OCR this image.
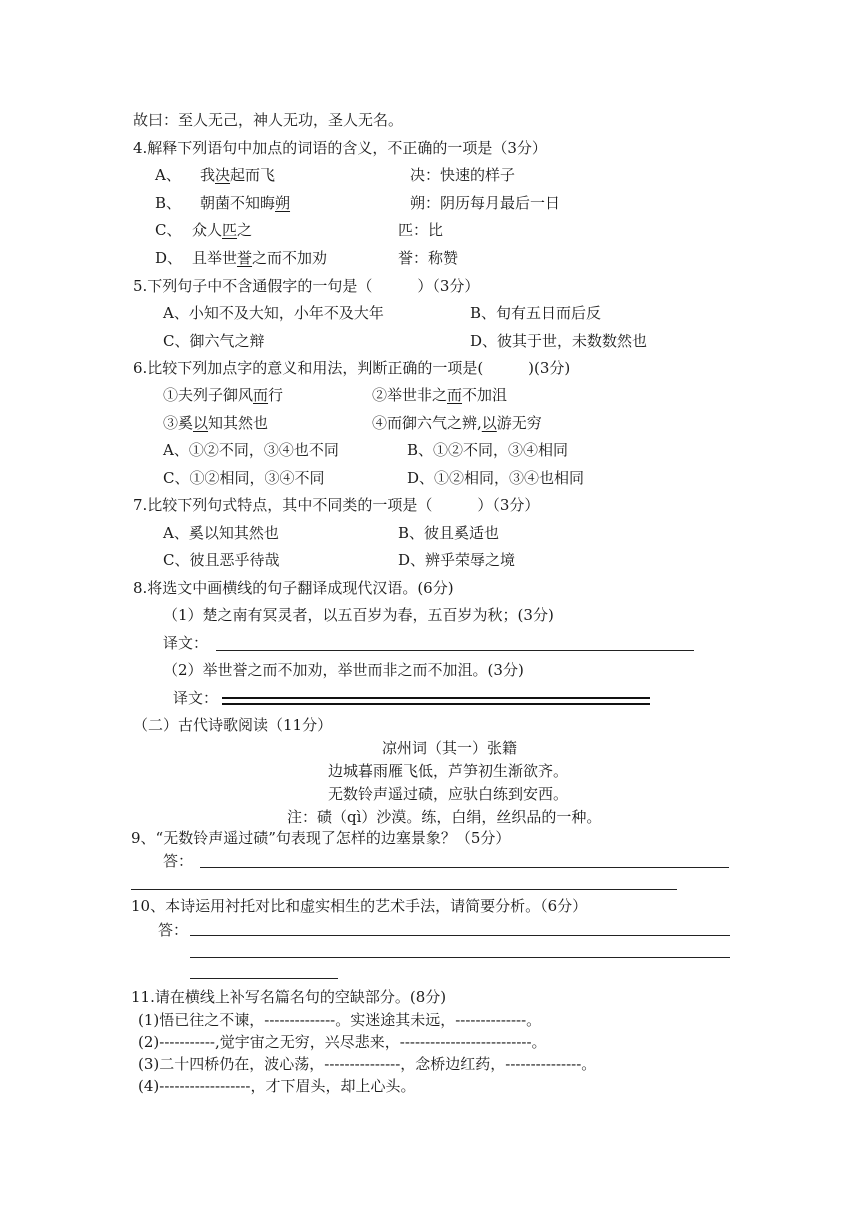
故曰：至人无己，神人无功，圣人无名。
4.解释下列语句中加点的词语的含义，不正确的一项是（3分）
A、 我决起而飞	决：快速的样子
B、 朝菌不知晦朔	朔：阴历每月最后一日
C、 众人匹之	匹：比
D、 且举世誉之而不加劝	誉：称赞
5.下列句子中不含通假字的一句是（　　　）（3分）
A、小知不及大知，小年不及大年	B、旬有五日而后反
C、御六气之辩	D、彼其于世，未数数然也
6.比较下列加点字的意义和用法，判断正确的一项是(　　　)(3分)
①夫列子御风而行	②举世非之而不加沮
③奚以知其然也	④而御六气之辨,以游无穷
A、①②不同，③④也不同	B、①②不同，③④相同
C、①②相同，③④不同	D、①②相同，③④也相同
7.比较下列句式特点，其中不同类的一项是（　　　）（3分）
A、奚以知其然也	B、彼且奚适也
C、彼且恶乎待哉	D、辨乎荣辱之境
8.将选文中画横线的句子翻译成现代汉语。(6分)
（1）楚之南有冥灵者，以五百岁为春，五百岁为秋；(3分)
译文：
（2）举世誉之而不加劝，举世而非之而不加沮。(3分)
译文：
（二）古代诗歌阅读（11分）
凉州词（其一）张籍
边城暮雨雁飞低，芦笋初生渐欲齐。
无数铃声遥过碛，应驮白练到安西。
注：碛（qì）沙漠。练，白绢，丝织品的一种。
9、“无数铃声遥过碛”句表现了怎样的边塞景象？（5分）
答：
10、本诗运用衬托对比和虚实相生的艺术手法，请简要分析。（6分）
答：
11.请在横线上补写名篇名句的空缺部分。(8分)
(1)悟已往之不谏，--------------。实迷途其未远，--------------。
(2)-----------,觉宇宙之无穷，兴尽悲来，--------------------------。
(3)二十四桥仍在，波心荡，---------------，念桥边红药，---------------。
(4)------------------，才下眉头，却上心头。
